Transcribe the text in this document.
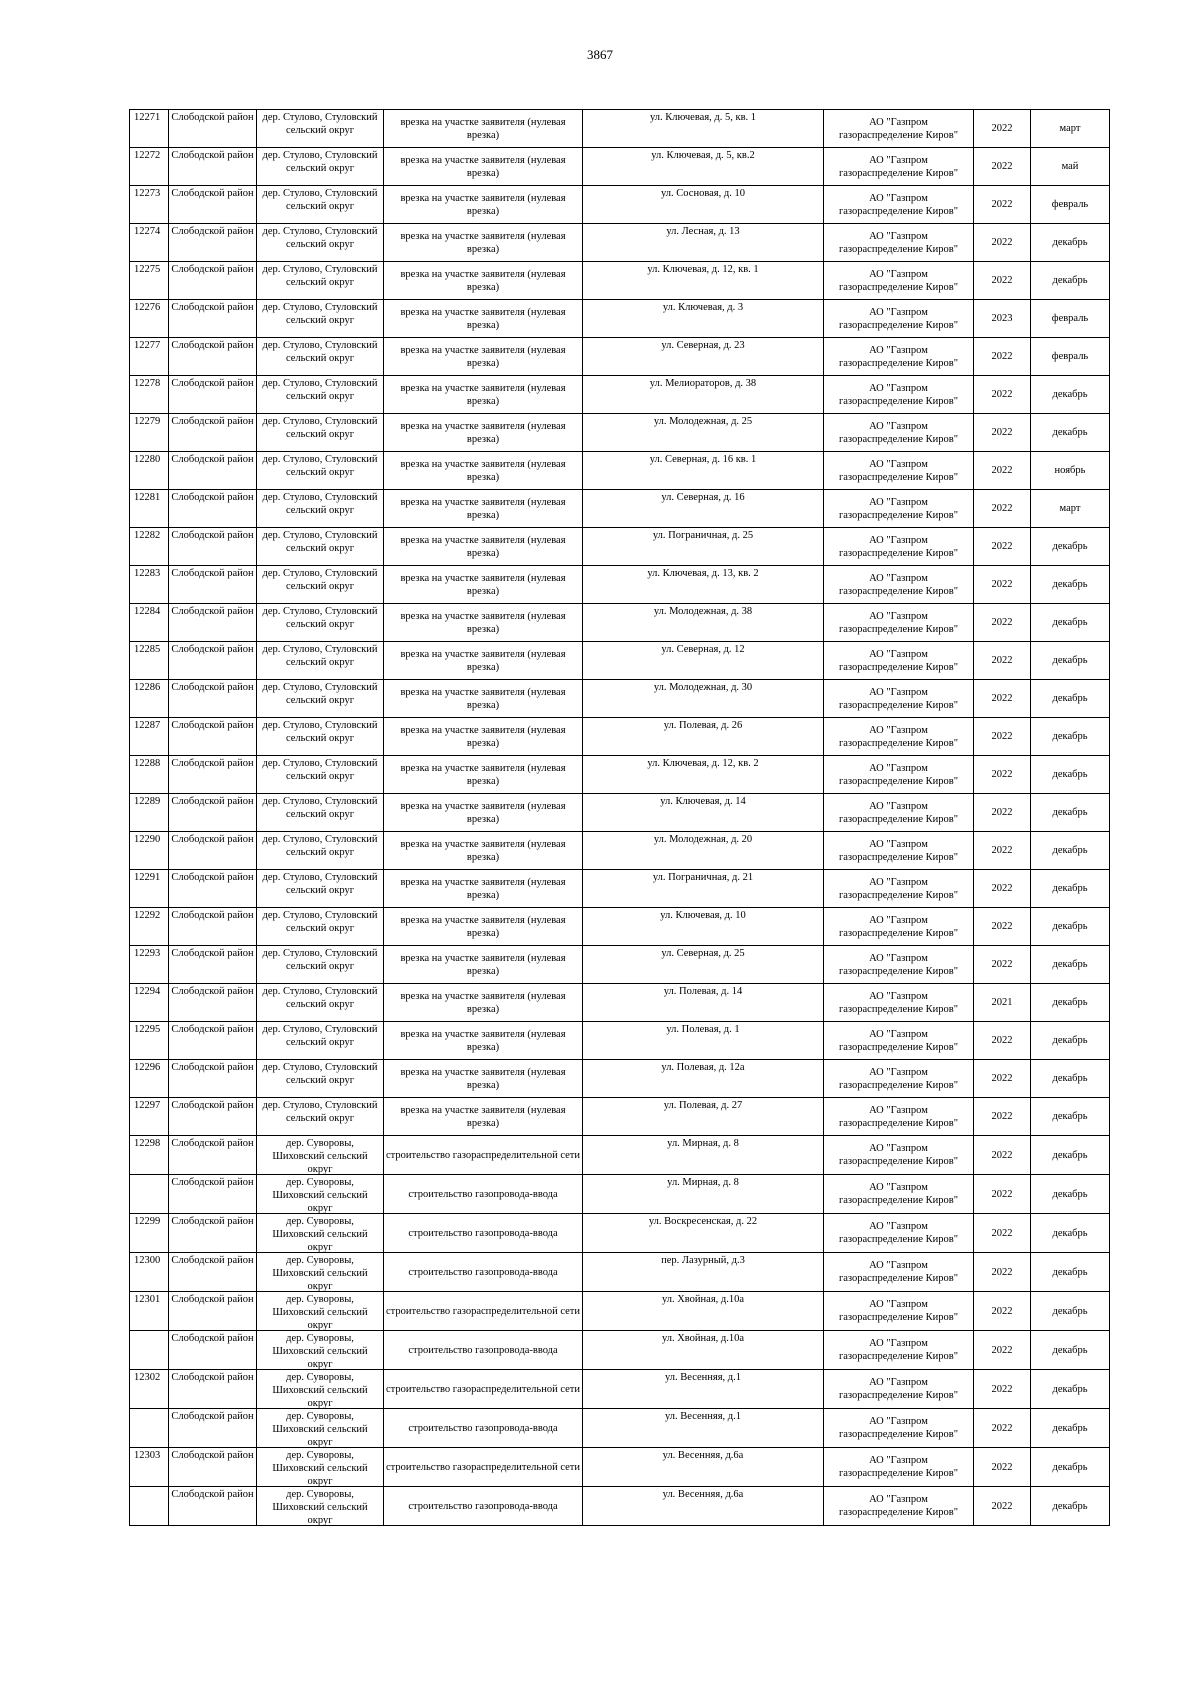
3867
12271	Слободской район	дер. Стулово, Стуловский сельский округ	врезка на участке заявителя (нулевая врезка)	ул. Ключевая, д. 5, кв. 1	АО "Газпром газораспределение Киров"	2022	март
12272	Слободской район	дер. Стулово, Стуловский сельский округ	врезка на участке заявителя (нулевая врезка)	ул. Ключевая, д. 5, кв.2	АО "Газпром газораспределение Киров"	2022	май
12273	Слободской район	дер. Стулово, Стуловский сельский округ	врезка на участке заявителя (нулевая врезка)	ул. Сосновая, д. 10	АО "Газпром газораспределение Киров"	2022	февраль
12274	Слободской район	дер. Стулово, Стуловский сельский округ	врезка на участке заявителя (нулевая врезка)	ул. Лесная, д. 13	АО "Газпром газораспределение Киров"	2022	декабрь
12275	Слободской район	дер. Стулово, Стуловский сельский округ	врезка на участке заявителя (нулевая врезка)	ул. Ключевая, д. 12, кв. 1	АО "Газпром газораспределение Киров"	2022	декабрь
12276	Слободской район	дер. Стулово, Стуловский сельский округ	врезка на участке заявителя (нулевая врезка)	ул. Ключевая, д. 3	АО "Газпром газораспределение Киров"	2023	февраль
12277	Слободской район	дер. Стулово, Стуловский сельский округ	врезка на участке заявителя (нулевая врезка)	ул. Северная, д. 23	АО "Газпром газораспределение Киров"	2022	февраль
12278	Слободской район	дер. Стулово, Стуловский сельский округ	врезка на участке заявителя (нулевая врезка)	ул. Мелиораторов, д. 38	АО "Газпром газораспределение Киров"	2022	декабрь
12279	Слободской район	дер. Стулово, Стуловский сельский округ	врезка на участке заявителя (нулевая врезка)	ул. Молодежная, д. 25	АО "Газпром газораспределение Киров"	2022	декабрь
12280	Слободской район	дер. Стулово, Стуловский сельский округ	врезка на участке заявителя (нулевая врезка)	ул. Северная, д. 16 кв. 1	АО "Газпром газораспределение Киров"	2022	ноябрь
12281	Слободской район	дер. Стулово, Стуловский сельский округ	врезка на участке заявителя (нулевая врезка)	ул. Северная, д. 16	АО "Газпром газораспределение Киров"	2022	март
12282	Слободской район	дер. Стулово, Стуловский сельский округ	врезка на участке заявителя (нулевая врезка)	ул. Пограничная, д. 25	АО "Газпром газораспределение Киров"	2022	декабрь
12283	Слободской район	дер. Стулово, Стуловский сельский округ	врезка на участке заявителя (нулевая врезка)	ул. Ключевая, д. 13, кв. 2	АО "Газпром газораспределение Киров"	2022	декабрь
12284	Слободской район	дер. Стулово, Стуловский сельский округ	врезка на участке заявителя (нулевая врезка)	ул. Молодежная, д. 38	АО "Газпром газораспределение Киров"	2022	декабрь
12285	Слободской район	дер. Стулово, Стуловский сельский округ	врезка на участке заявителя (нулевая врезка)	ул. Северная, д. 12	АО "Газпром газораспределение Киров"	2022	декабрь
12286	Слободской район	дер. Стулово, Стуловский сельский округ	врезка на участке заявителя (нулевая врезка)	ул. Молодежная, д. 30	АО "Газпром газораспределение Киров"	2022	декабрь
12287	Слободской район	дер. Стулово, Стуловский сельский округ	врезка на участке заявителя (нулевая врезка)	ул. Полевая, д. 26	АО "Газпром газораспределение Киров"	2022	декабрь
12288	Слободской район	дер. Стулово, Стуловский сельский округ	врезка на участке заявителя (нулевая врезка)	ул. Ключевая, д. 12, кв. 2	АО "Газпром газораспределение Киров"	2022	декабрь
12289	Слободской район	дер. Стулово, Стуловский сельский округ	врезка на участке заявителя (нулевая врезка)	ул. Ключевая, д. 14	АО "Газпром газораспределение Киров"	2022	декабрь
12290	Слободской район	дер. Стулово, Стуловский сельский округ	врезка на участке заявителя (нулевая врезка)	ул. Молодежная, д. 20	АО "Газпром газораспределение Киров"	2022	декабрь
12291	Слободской район	дер. Стулово, Стуловский сельский округ	врезка на участке заявителя (нулевая врезка)	ул. Пограничная, д. 21	АО "Газпром газораспределение Киров"	2022	декабрь
12292	Слободской район	дер. Стулово, Стуловский сельский округ	врезка на участке заявителя (нулевая врезка)	ул. Ключевая, д. 10	АО "Газпром газораспределение Киров"	2022	декабрь
12293	Слободской район	дер. Стулово, Стуловский сельский округ	врезка на участке заявителя (нулевая врезка)	ул. Северная, д. 25	АО "Газпром газораспределение Киров"	2022	декабрь
12294	Слободской район	дер. Стулово, Стуловский сельский округ	врезка на участке заявителя (нулевая врезка)	ул. Полевая, д. 14	АО "Газпром газораспределение Киров"	2021	декабрь
12295	Слободской район	дер. Стулово, Стуловский сельский округ	врезка на участке заявителя (нулевая врезка)	ул. Полевая, д. 1	АО "Газпром газораспределение Киров"	2022	декабрь
12296	Слободской район	дер. Стулово, Стуловский сельский округ	врезка на участке заявителя (нулевая врезка)	ул. Полевая, д. 12а	АО "Газпром газораспределение Киров"	2022	декабрь
12297	Слободской район	дер. Стулово, Стуловский сельский округ	врезка на участке заявителя (нулевая врезка)	ул. Полевая, д. 27	АО "Газпром газораспределение Киров"	2022	декабрь
12298	Слободской район	дер. Суворовы, Шиховский сельский округ	строительство газораспределительной сети	ул. Мирная, д. 8	АО "Газпром газораспределение Киров"	2022	декабрь
	Слободской район	дер. Суворовы, Шиховский сельский округ	строительство газопровода-ввода	ул. Мирная, д. 8	АО "Газпром газораспределение Киров"	2022	декабрь
12299	Слободской район	дер. Суворовы, Шиховский сельский округ	строительство газопровода-ввода	ул. Воскресенская, д. 22	АО "Газпром газораспределение Киров"	2022	декабрь
12300	Слободской район	дер. Суворовы, Шиховский сельский округ	строительство газопровода-ввода	пер. Лазурный, д.3	АО "Газпром газораспределение Киров"	2022	декабрь
12301	Слободской район	дер. Суворовы, Шиховский сельский округ	строительство газораспределительной сети	ул. Хвойная, д.10а	АО "Газпром газораспределение Киров"	2022	декабрь
	Слободской район	дер. Суворовы, Шиховский сельский округ	строительство газопровода-ввода	ул. Хвойная, д.10а	АО "Газпром газораспределение Киров"	2022	декабрь
12302	Слободской район	дер. Суворовы, Шиховский сельский округ	строительство газораспределительной сети	ул. Весенняя, д.1	АО "Газпром газораспределение Киров"	2022	декабрь
	Слободской район	дер. Суворовы, Шиховский сельский округ	строительство газопровода-ввода	ул. Весенняя, д.1	АО "Газпром газораспределение Киров"	2022	декабрь
12303	Слободской район	дер. Суворовы, Шиховский сельский округ	строительство газораспределительной сети	ул. Весенняя, д.6а	АО "Газпром газораспределение Киров"	2022	декабрь
	Слободской район	дер. Суворовы, Шиховский сельский округ	строительство газопровода-ввода	ул. Весенняя, д.6а	АО "Газпром газораспределение Киров"	2022	декабрь
